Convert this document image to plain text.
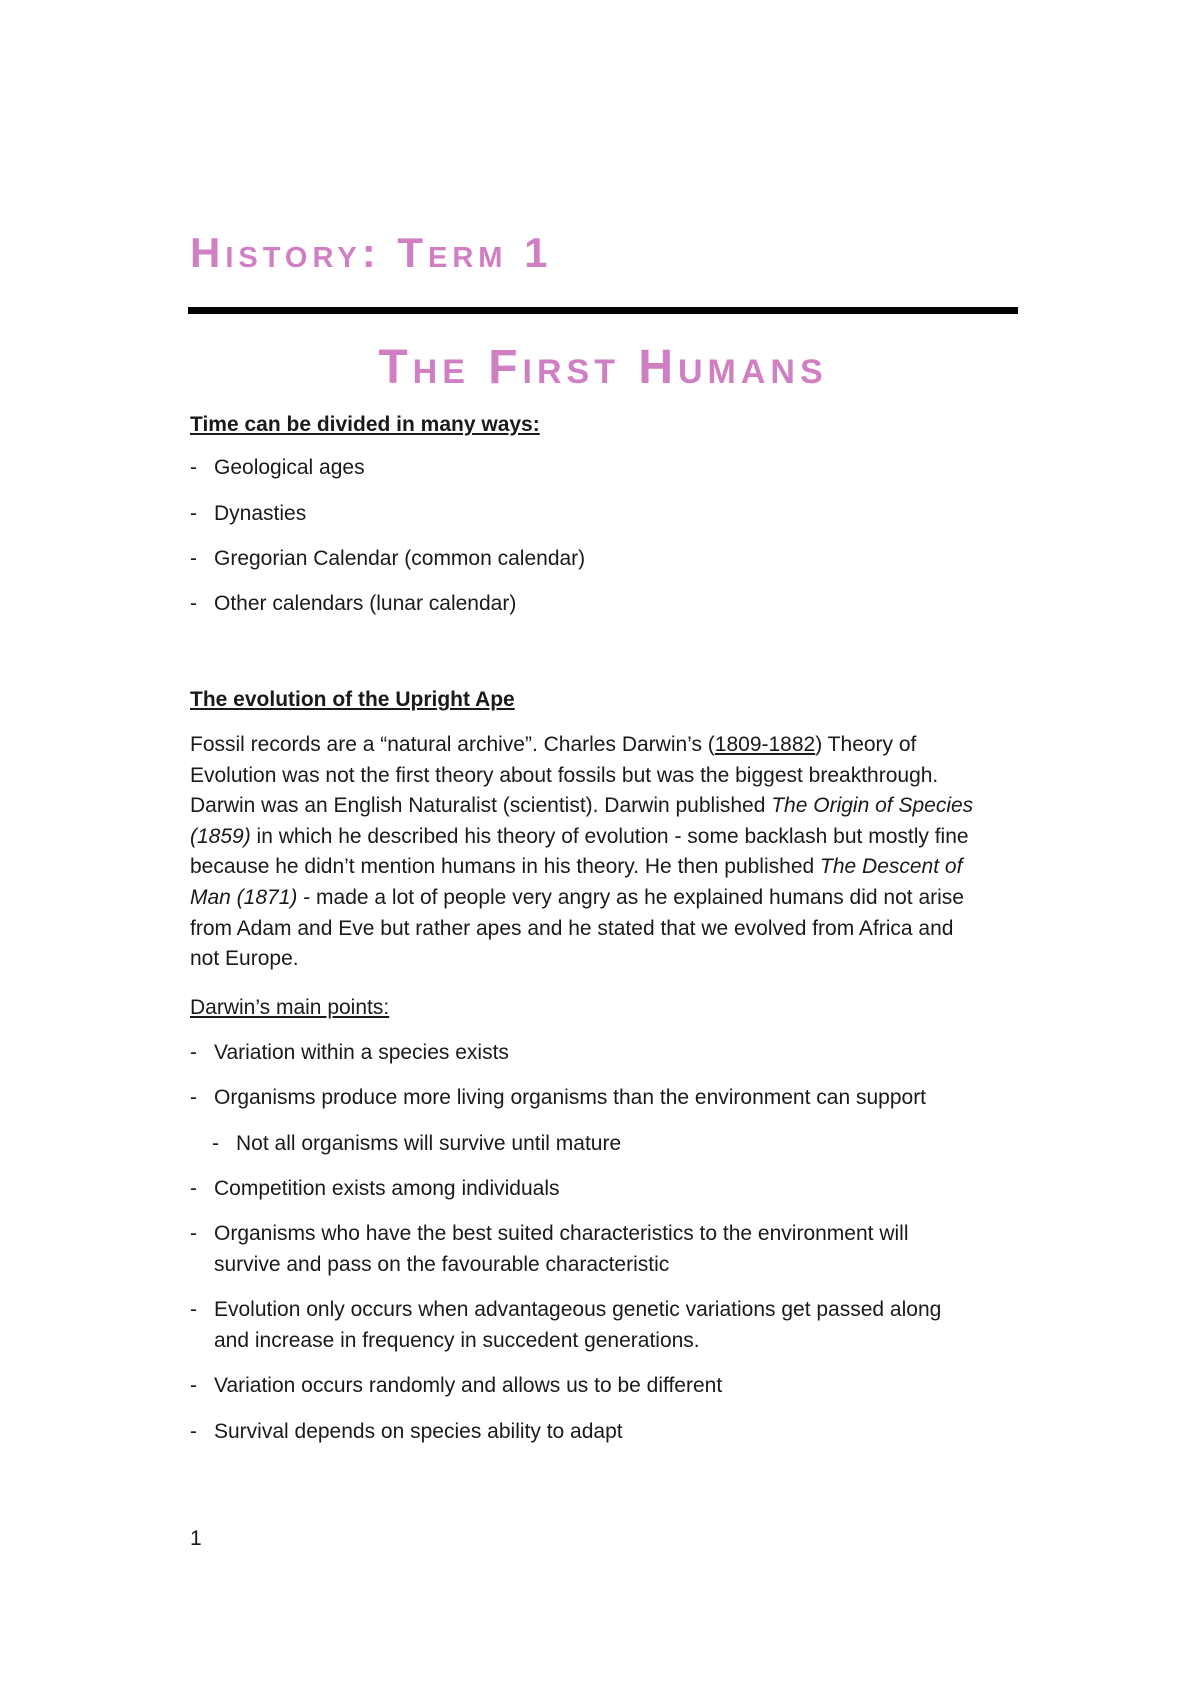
History: Term 1
The First Humans
Time can be divided in many ways:
- Geological ages
- Dynasties
- Gregorian Calendar (common calendar)
- Other calendars (lunar calendar)
The evolution of the Upright Ape

Fossil records are a “natural archive”. Charles Darwin’s (1809-1882) Theory of
Evolution was not the first theory about fossils but was the biggest breakthrough.
Darwin was an English Naturalist (scientist). Darwin published The Origin of Species
(1859) in which he described his theory of evolution - some backlash but mostly fine
because he didn’t mention humans in his theory. He then published The Descent of
Man (1871) - made a lot of people very angry as he explained humans did not arise
from Adam and Eve but rather apes and he stated that we evolved from Africa and
not Europe.

Darwin’s main points:
- Variation within a species exists
- Organisms produce more living organisms than the environment can support
- Not all organisms will survive until mature
- Competition exists among individuals
- Organisms who have the best suited characteristics to the environment will
survive and pass on the favourable characteristic
- Evolution only occurs when advantageous genetic variations get passed along
and increase in frequency in succedent generations.
- Variation occurs randomly and allows us to be different
- Survival depends on species ability to adapt
1
